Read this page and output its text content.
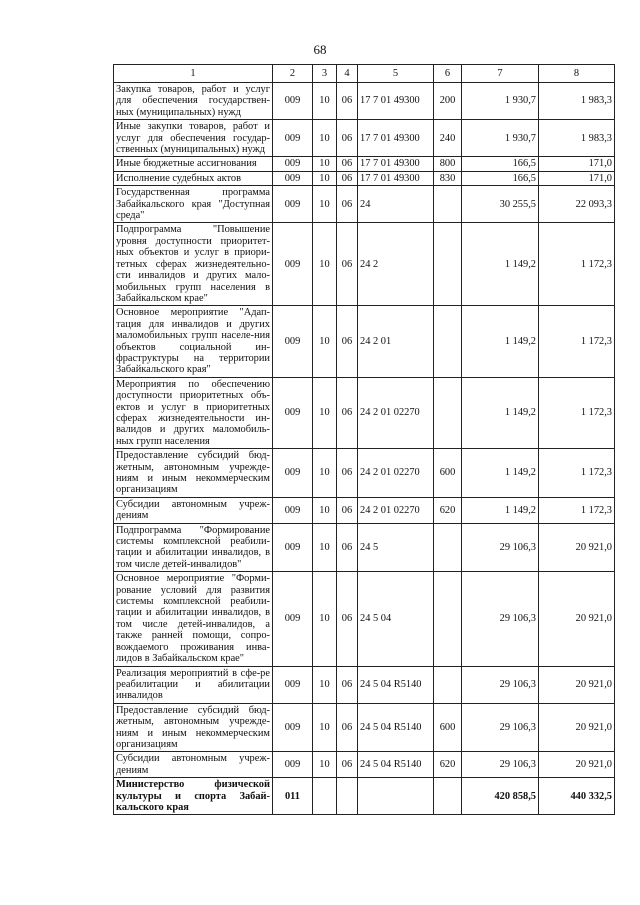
68
1	2	3	4	5	6	7	8
Закупка товаров, работ и услуг для обеспечения государствен-ных (муниципальных) нужд	009	10	06	17 7 01 49300	200	1 930,7	1 983,3
Иные закупки товаров, работ и услуг для обеспечения государ-ственных (муниципальных) нужд	009	10	06	17 7 01 49300	240	1 930,7	1 983,3
Иные бюджетные ассигнования	009	10	06	17 7 01 49300	800	166,5	171,0
Исполнение судебных актов	009	10	06	17 7 01 49300	830	166,5	171,0
Государственная программа Забайкальского края "Доступная среда"	009	10	06	24		30 255,5	22 093,3
Подпрограмма "Повышение уровня доступности приоритет-ных объектов и услуг в приори-тетных сферах жизнедеятельно-сти инвалидов и других мало-мобильных групп населения в Забайкальском крае"	009	10	06	24 2		1 149,2	1 172,3
Основное мероприятие "Адап-тация для инвалидов и других маломобильных групп населе-ния объектов социальной ин-фраструктуры на территории Забайкальского края"	009	10	06	24 2 01		1 149,2	1 172,3
Мероприятия по обеспечению доступности приоритетных объ-ектов и услуг в приоритетных сферах жизнедеятельности ин-валидов и других маломобиль-ных групп населения	009	10	06	24 2 01 02270		1 149,2	1 172,3
Предоставление субсидий бюд-жетным, автономным учрежде-ниям и иным некоммерческим организациям	009	10	06	24 2 01 02270	600	1 149,2	1 172,3
Субсидии автономным учреж-дениям	009	10	06	24 2 01 02270	620	1 149,2	1 172,3
Подпрограмма "Формирование системы комплексной реабили-тации и абилитации инвалидов, в том числе детей-инвалидов"	009	10	06	24 5		29 106,3	20 921,0
Основное мероприятие "Форми-рование условий для развития системы комплексной реабили-тации и абилитации инвалидов, в том числе детей-инвалидов, а также ранней помощи, сопро-вождаемого проживания инва-лидов в Забайкальском крае"	009	10	06	24 5 04		29 106,3	20 921,0
Реализация мероприятий в сфе-ре реабилитации и абилитации инвалидов	009	10	06	24 5 04 R5140		29 106,3	20 921,0
Предоставление субсидий бюд-жетным, автономным учрежде-ниям и иным некоммерческим организациям	009	10	06	24 5 04 R5140	600	29 106,3	20 921,0
Субсидии автономным учреж-дениям	009	10	06	24 5 04 R5140	620	29 106,3	20 921,0
Министерство физической культуры и спорта Забай-кальского края	011					420 858,5	440 332,5
